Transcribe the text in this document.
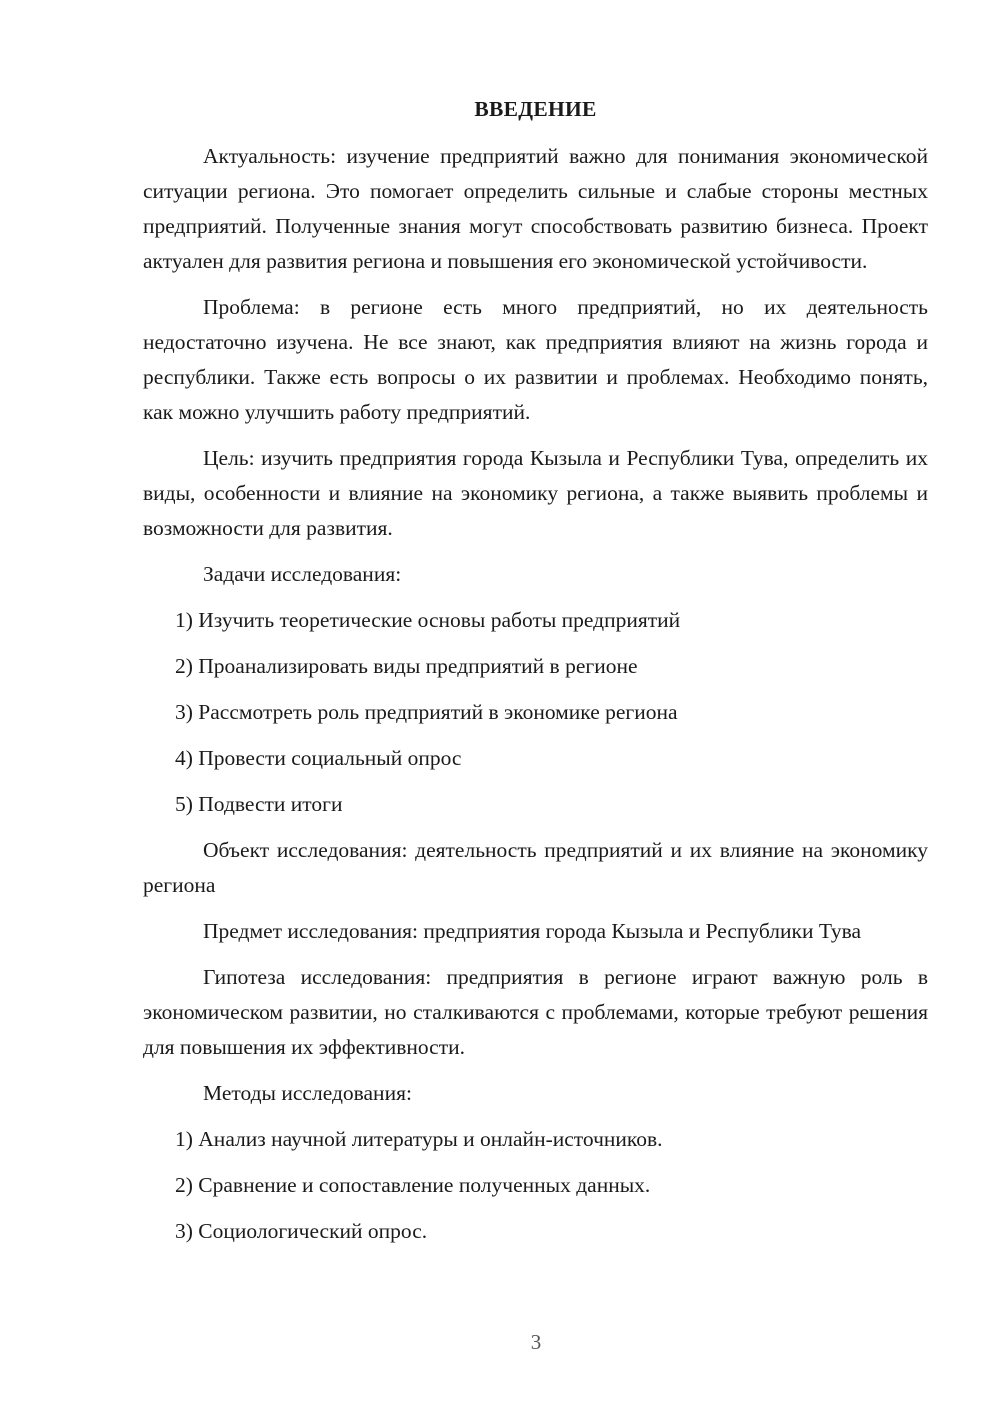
ВВЕДЕНИЕ

Актуальность: изучение предприятий важно для понимания экономической ситуации региона. Это помогает определить сильные и слабые стороны местных предприятий. Полученные знания могут способствовать развитию бизнеса. Проект актуален для развития региона и повышения его экономической устойчивости.

Проблема: в регионе есть много предприятий, но их деятельность недостаточно изучена. Не все знают, как предприятия влияют на жизнь города и республики. Также есть вопросы о их развитии и проблемах. Необходимо понять, как можно улучшить работу предприятий.

Цель: изучить предприятия города Кызыла и Республики Тува, определить их виды, особенности и влияние на экономику региона, а также выявить проблемы и возможности для развития.

Задачи исследования:

1) Изучить теоретические основы работы предприятий

2) Проанализировать виды предприятий в регионе

3) Рассмотреть роль предприятий в экономике региона

4) Провести социальный опрос

5) Подвести итоги

Объект исследования: деятельность предприятий и их влияние на экономику региона

Предмет исследования: предприятия города Кызыла и Республики Тува

Гипотеза исследования: предприятия в регионе играют важную роль в экономическом развитии, но сталкиваются с проблемами, которые требуют решения для повышения их эффективности.

Методы исследования:

1) Анализ научной литературы и онлайн-источников.

2) Сравнение и сопоставление полученных данных.

3) Социологический опрос.

3
